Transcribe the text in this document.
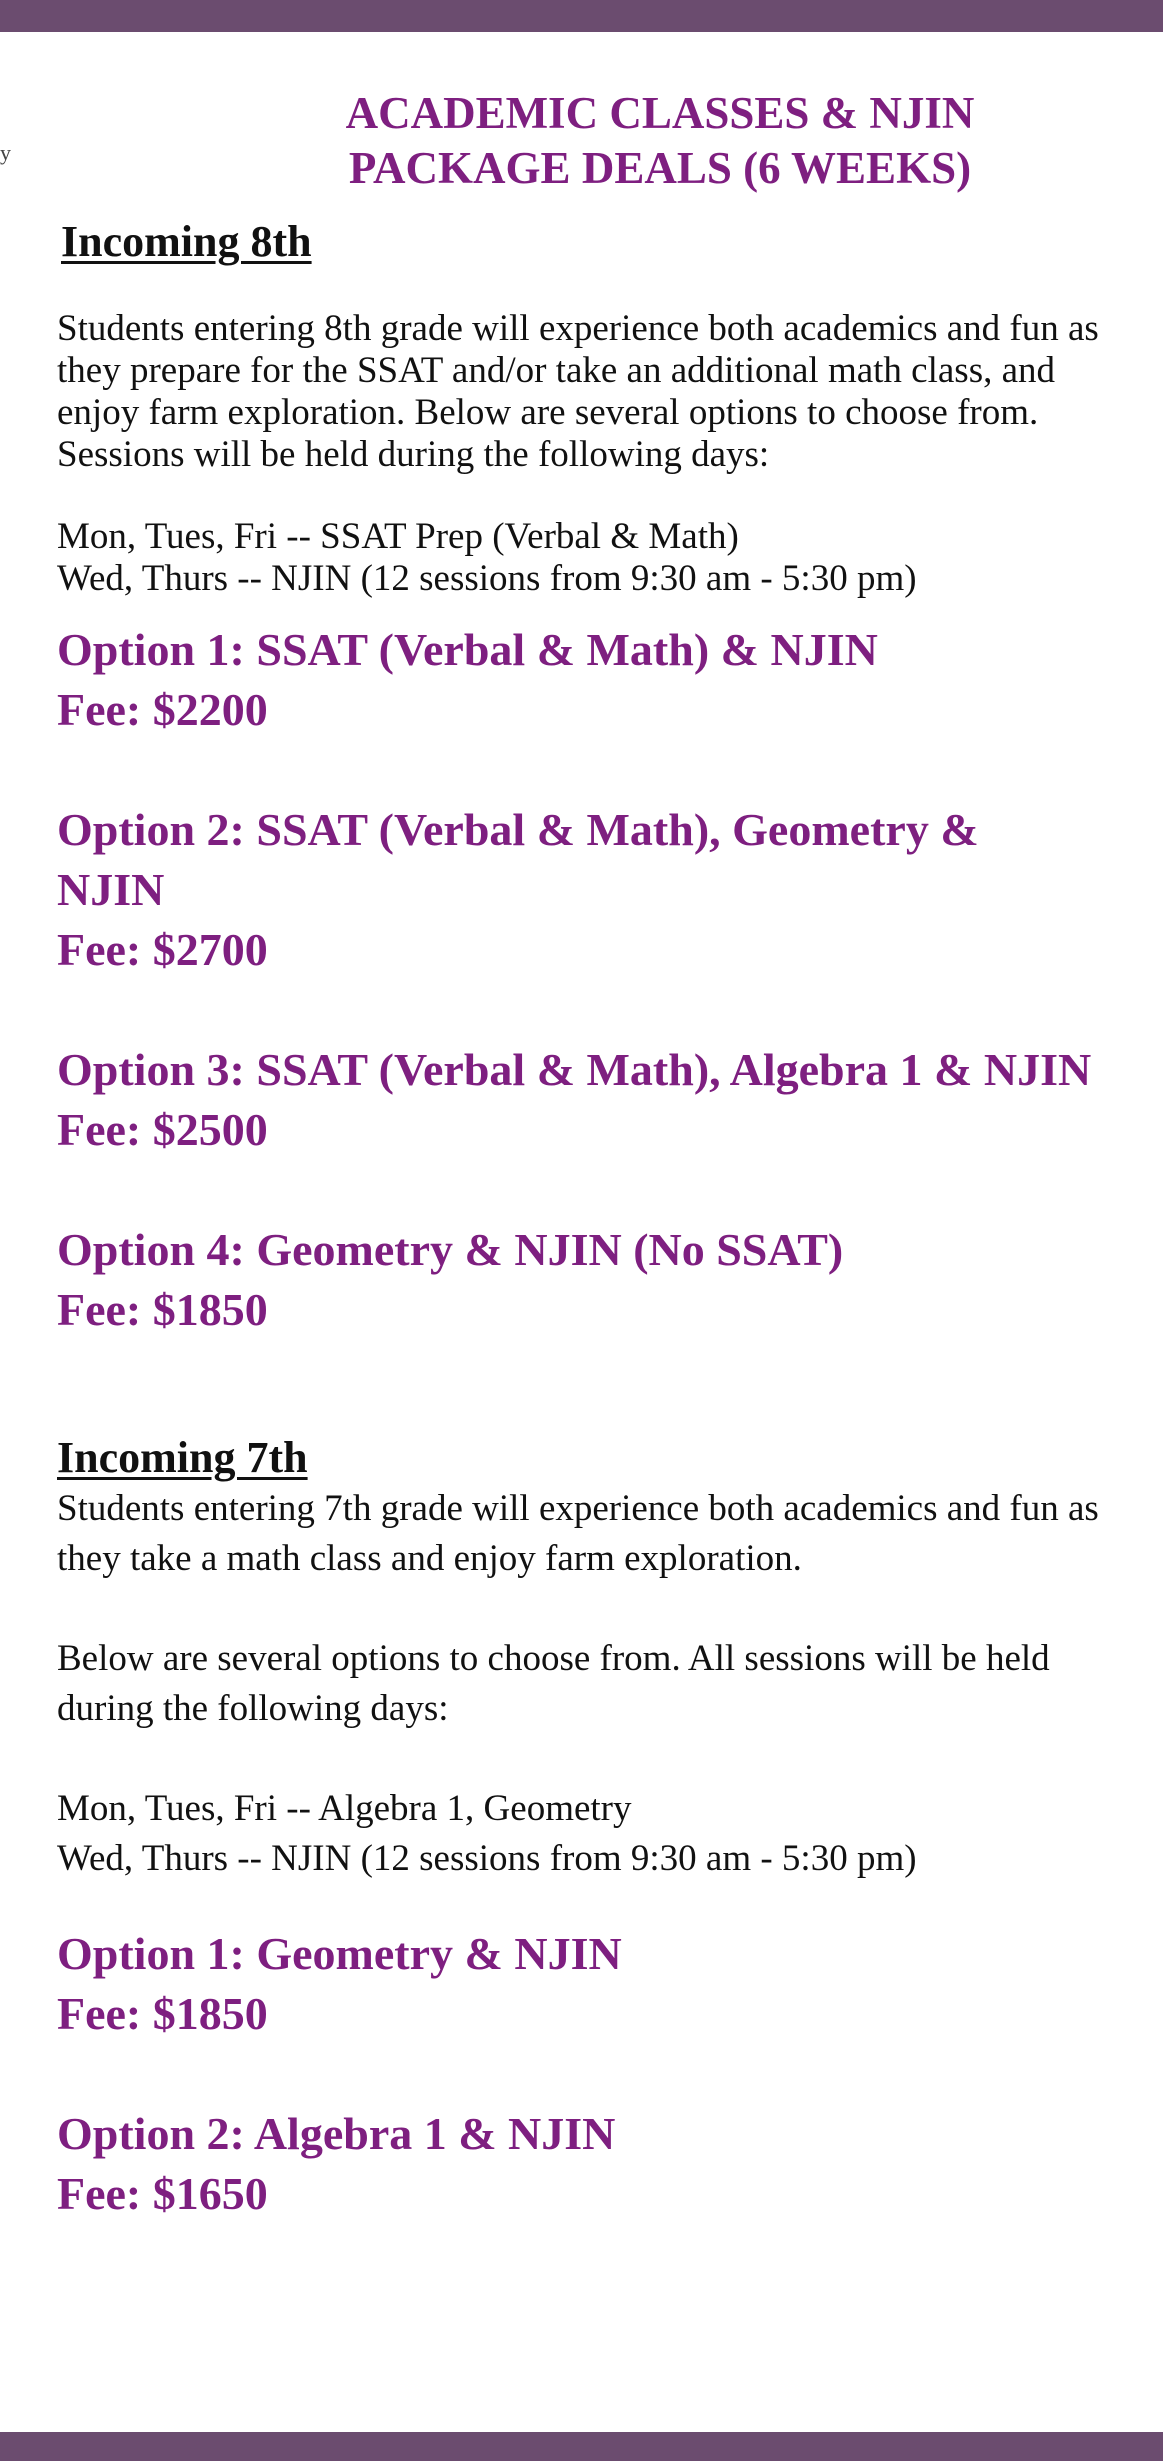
y
ACADEMIC CLASSES & NJIN
PACKAGE DEALS (6 WEEKS)
Incoming 8th

Students entering 8th grade will experience both academics and fun as they prepare for the SSAT and/or take an additional math class, and enjoy farm exploration. Below are several options to choose from. Sessions will be held during the following days:

Mon, Tues, Fri -- SSAT Prep (Verbal & Math)
Wed, Thurs -- NJIN (12 sessions from 9:30 am - 5:30 pm)

Option 1: SSAT (Verbal & Math) & NJIN
Fee: $2200
Option 2: SSAT (Verbal & Math), Geometry & NJIN
Fee: $2700
Option 3: SSAT (Verbal & Math), Algebra 1 & NJIN
Fee: $2500
Option 4: Geometry & NJIN (No SSAT)
Fee: $1850
Incoming 7th

Students entering 7th grade will experience both academics and fun as they take a math class and enjoy farm exploration.

Below are several options to choose from. All sessions will be held during the following days:

Mon, Tues, Fri -- Algebra 1, Geometry
Wed, Thurs -- NJIN (12 sessions from 9:30 am - 5:30 pm)

Option 1: Geometry & NJIN
Fee: $1850
Option 2: Algebra 1 & NJIN
Fee: $1650
